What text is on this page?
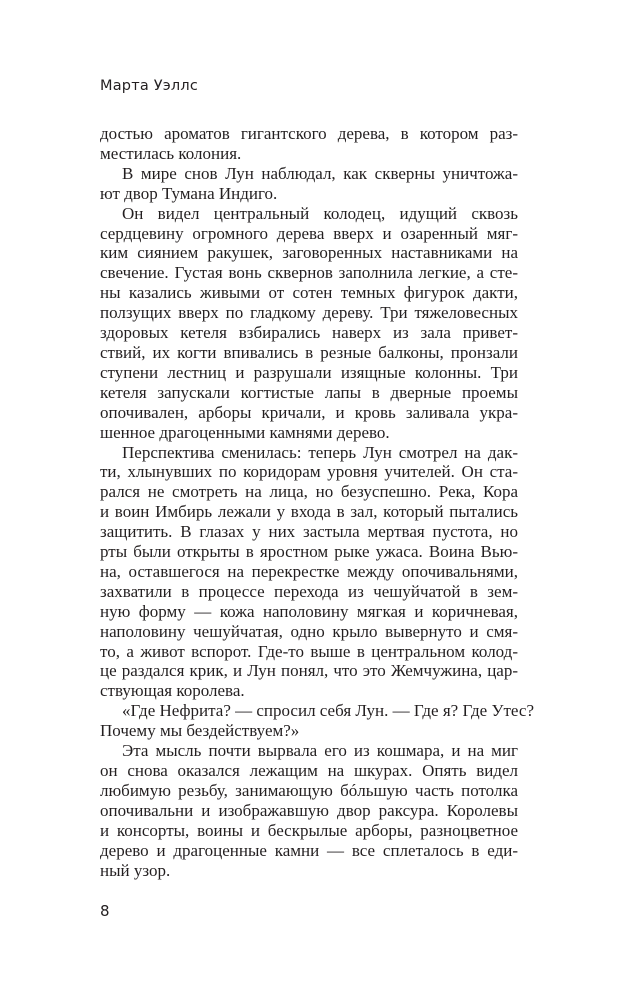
Марта Уэллс
достью ароматов гигантского дерева, в котором раз-
местилась колония.
В мире снов Лун наблюдал, как скверны уничтожа-
ют двор Тумана Индиго.
Он видел центральный колодец, идущий сквозь
сердцевину огромного дерева вверх и озаренный мяг-
ким сиянием ракушек, заговоренных наставниками на
свечение. Густая вонь сквернов заполнила легкие, а сте-
ны казались живыми от сотен темных фигурок дакти,
ползущих вверх по гладкому дереву. Три тяжеловесных
здоровых кетеля взбирались наверх из зала привет-
ствий, их когти впивались в резные балконы, пронзали
ступени лестниц и разрушали изящные колонны. Три
кетеля запускали когтистые лапы в дверные проемы
опочивален, арборы кричали, и кровь заливала укра-
шенное драгоценными камнями дерево.
Перспектива сменилась: теперь Лун смотрел на дак-
ти, хлынувших по коридорам уровня учителей. Он ста-
рался не смотреть на лица, но безуспешно. Река, Кора
и воин Имбирь лежали у входа в зал, который пытались
защитить. В глазах у них застыла мертвая пустота, но
рты были открыты в яростном рыке ужаса. Воина Вью-
на, оставшегося на перекрестке между опочивальнями,
захватили в процессе перехода из чешуйчатой в зем-
ную форму — кожа наполовину мягкая и коричневая,
наполовину чешуйчатая, одно крыло вывернуто и смя-
то, а живот вспорот. Где-то выше в центральном колод-
це раздался крик, и Лун понял, что это Жемчужина, цар-
ствующая королева.
«Где Нефрита? — спросил себя Лун. — Где я? Где Утес?
Почему мы бездействуем?»
Эта мысль почти вырвала его из кошмара, и на миг
он снова оказался лежащим на шкурах. Опять видел
любимую резьбу, занимающую бóльшую часть потолка
опочивальни и изображавшую двор раксура. Королевы
и консорты, воины и бескрылые арборы, разноцветное
дерево и драгоценные камни — все сплеталось в еди-
ный узор.
8
